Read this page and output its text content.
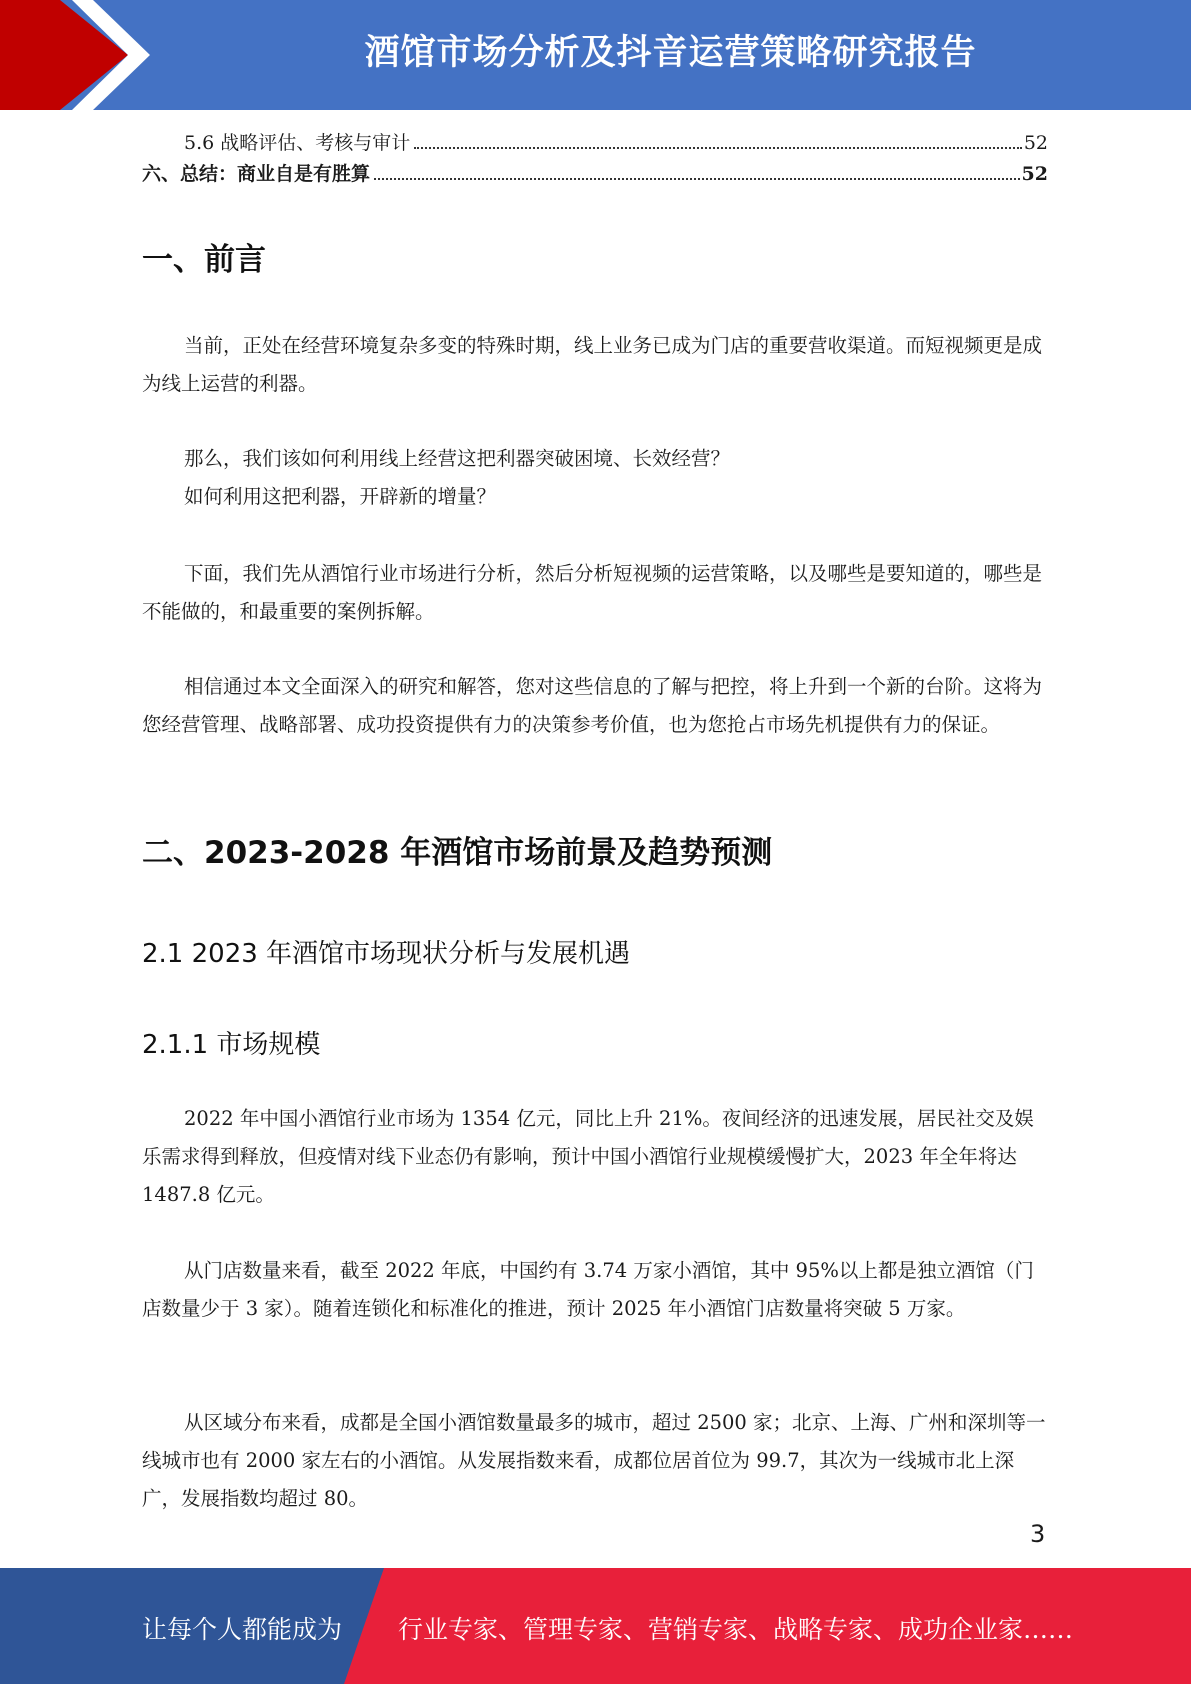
酒馆市场分析及抖音运营策略研究报告
5.6 战略评估、考核与审计	52
六、总结：商业自是有胜算	52
一、前言

当前，正处在经营环境复杂多变的特殊时期，线上业务已成为门店的重要营收渠道。而短视频更是成为线上运营的利器。

那么，我们该如何利用线上经营这把利器突破困境、长效经营？

如何利用这把利器，开辟新的增量？

下面，我们先从酒馆行业市场进行分析，然后分析短视频的运营策略，以及哪些是要知道的，哪些是不能做的，和最重要的案例拆解。

相信通过本文全面深入的研究和解答，您对这些信息的了解与把控，将上升到一个新的台阶。这将为您经营管理、战略部署、成功投资提供有力的决策参考价值，也为您抢占市场先机提供有力的保证。

二、2023-2028 年酒馆市场前景及趋势预测
2.1 2023 年酒馆市场现状分析与发展机遇
2.1.1 市场规模

2022 年中国小酒馆行业市场为 1354 亿元，同比上升 21%。夜间经济的迅速发展，居民社交及娱乐需求得到释放，但疫情对线下业态仍有影响，预计中国小酒馆行业规模缓慢扩大，2023 年全年将达 1487.8 亿元。

从门店数量来看，截至 2022 年底，中国约有 3.74 万家小酒馆，其中 95%以上都是独立酒馆（门店数量少于 3 家）。随着连锁化和标准化的推进，预计 2025 年小酒馆门店数量将突破 5 万家。

从区域分布来看，成都是全国小酒馆数量最多的城市，超过 2500 家；北京、上海、广州和深圳等一线城市也有 2000 家左右的小酒馆。从发展指数来看，成都位居首位为 99.7，其次为一线城市北上深广，发展指数均超过 80。

3
让每个人都能成为 行业专家、管理专家、营销专家、战略专家、成功企业家……
